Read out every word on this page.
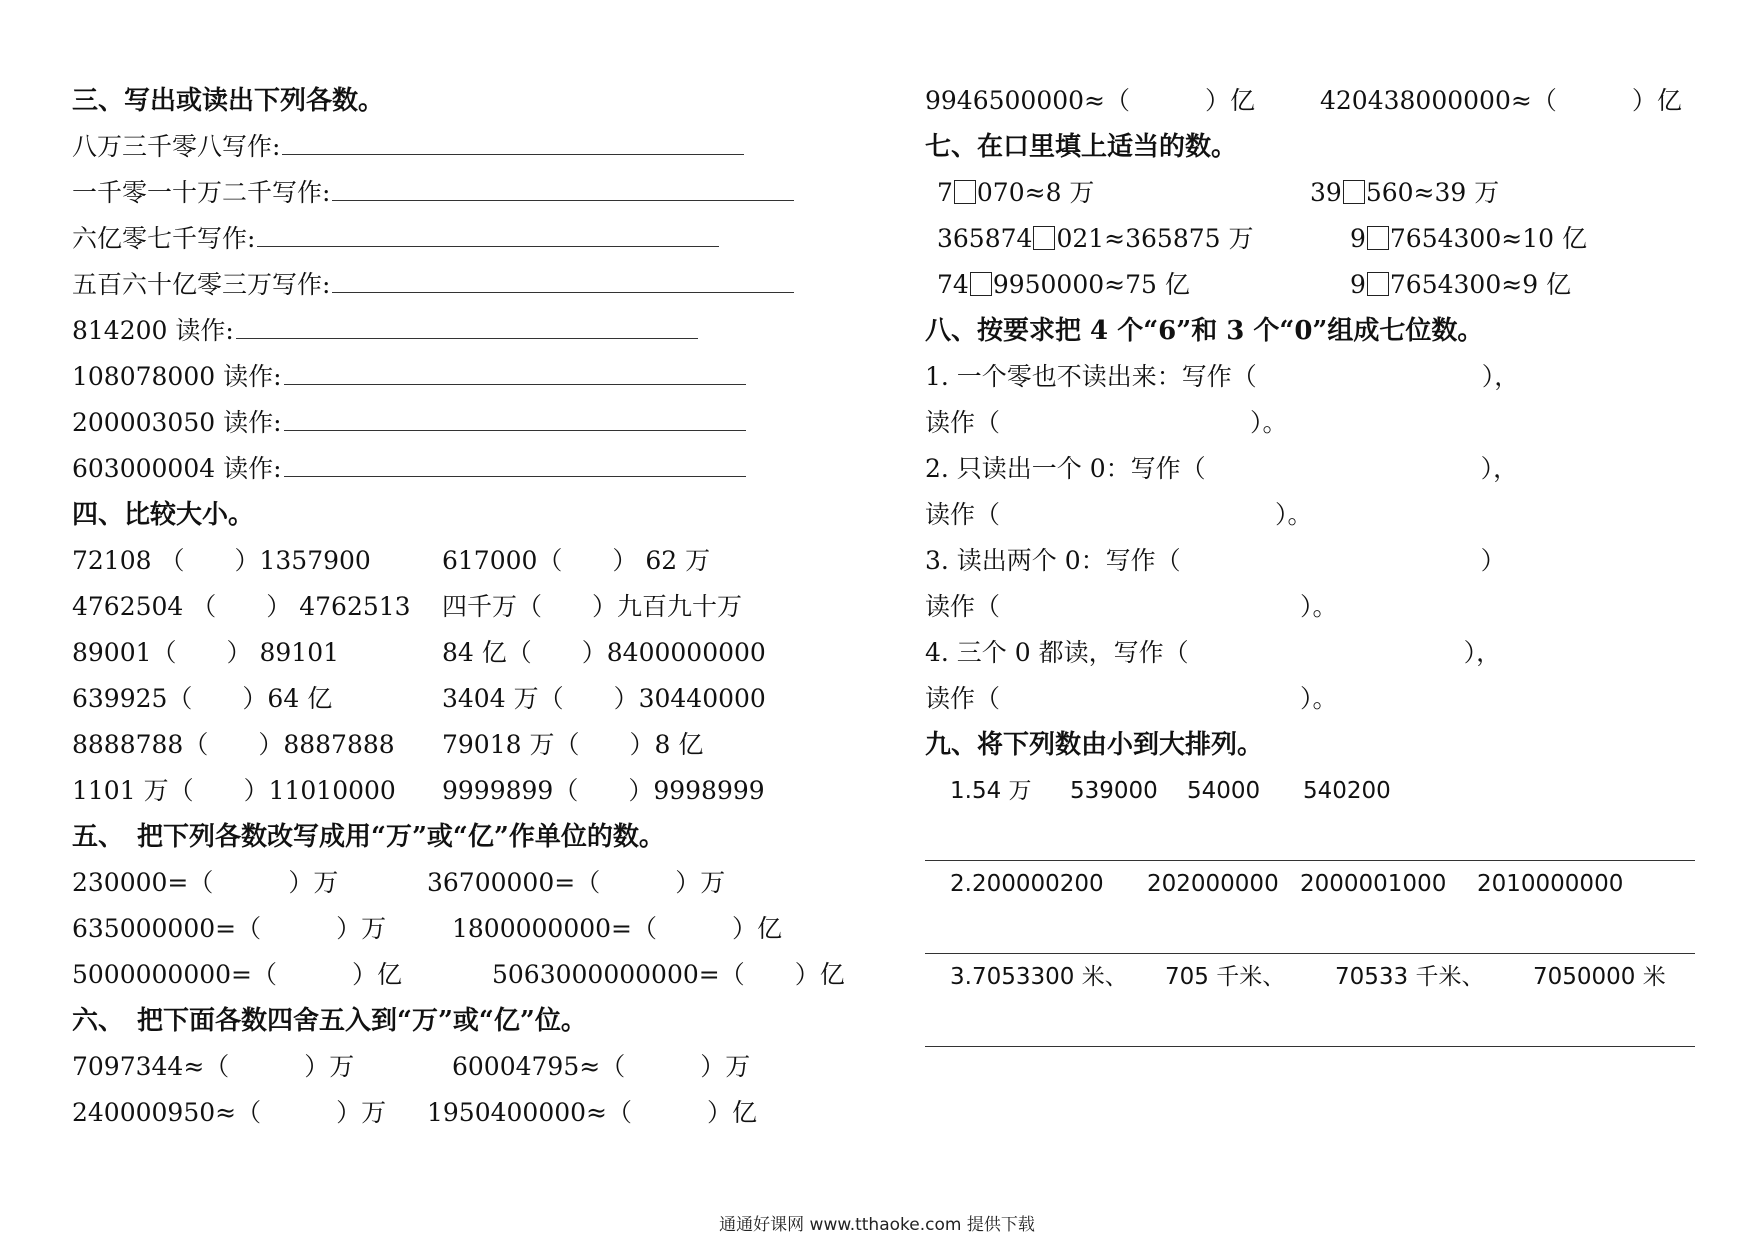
三、写出或读出下列各数。
八万三千零八写作:
一千零一十万二千写作:
六亿零七千写作:
五百六十亿零三万写作:
814200 读作:
108078000 读作:
200003050 读作:
603000004 读作:
四、比较大小。
72108 （　　）1357900	617000（　　） 62 万
4762504 （　　） 4762513 四千万（　　）九百九十万
89001（　　） 89101	84 亿（　　）8400000000
639925（　　）64 亿	3404 万（　　）30440000
8888788（　　）8887888 79018 万（　　）8 亿
1101 万（　　）11010000 9999899（　　）9998999
五、　把下列各数改写成用“万”或“亿”作单位的数。
230000=（　　　）万	36700000=（　　　）万
635000000=（　　　）万	1800000000=（　　　）亿
5000000000=（　　　）亿	5063000000000=（　　）亿
六、　把下面各数四舍五入到“万”或“亿”位。
7097344≈（　　　）万	60004795≈（　　　）万
240000950≈（　　　）万 1950400000≈（　　　）亿
9946500000≈（　　　）亿	420438000000≈（　　　）亿
七、在口里填上适当的数。
7 070≈8 万	39 560≈39 万
365874 021≈365875 万	9 7654300≈10 亿
74 9950000≈75 亿	9 7654300≈9 亿
八、按要求把 4 个“6”和 3 个“0”组成七位数。
1. 一个零也不读出来：写作（　　　　　　　　　），
读作（　　　　　　　　　　）。
2. 只读出一个 0：写作（　　　　　　　　　　　），
读作（　　　　　　　　　　　）。
3. 读出两个 0：写作（　　　　　　　　　　　　）
读作（　　　　　　　　　　　　）。
4. 三个 0 都读，写作（　　　　　　　　　　　），
读作（　　　　　　　　　　　　）。
九、将下列数由小到大排列。
1.54 万 539000 54000 540200
2.200000200 202000000 2000001000 2010000000
3.7053300 米、 705 千米、 70533 千米、 7050000 米
通通好课网 www.tthaoke.com 提供下载
